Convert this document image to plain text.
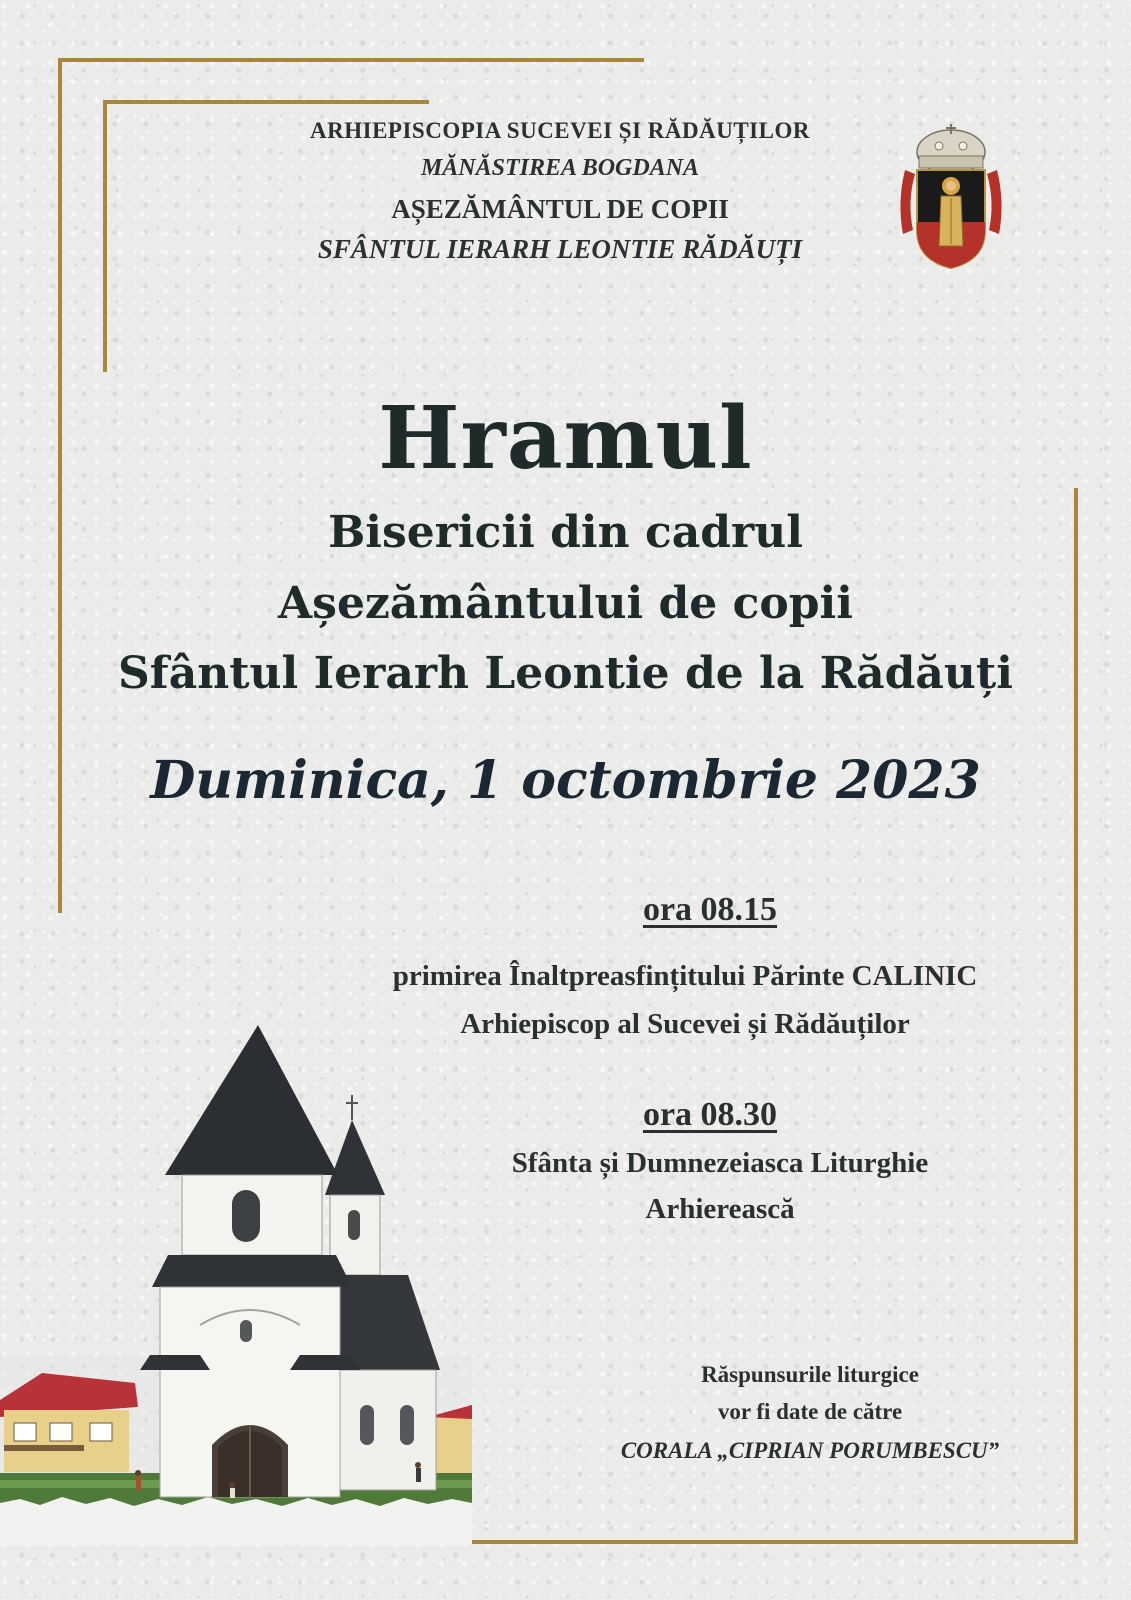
ARHIEPISCOPIA SUCEVEI ȘI RĂDĂUȚILOR
MĂNĂSTIREA BOGDANA
AȘEZĂMÂNTUL DE COPII
SFÂNTUL IERARH LEONTIE RĂDĂUȚI
Hramul
Bisericii din cadrul
Așezământului de copii
Sfântul Ierarh Leontie de la Rădăuți
Duminica, 1 octombrie 2023
ora 08.15
primirea Înaltpreasfințitului Părinte CALINIC
Arhiepiscop al Sucevei și Rădăuților
ora 08.30
Sfânta și Dumnezeiasca Liturghie
Arhierească
Răspunsurile liturgice
vor fi date de către
CORALA „CIPRIAN PORUMBESCU”
